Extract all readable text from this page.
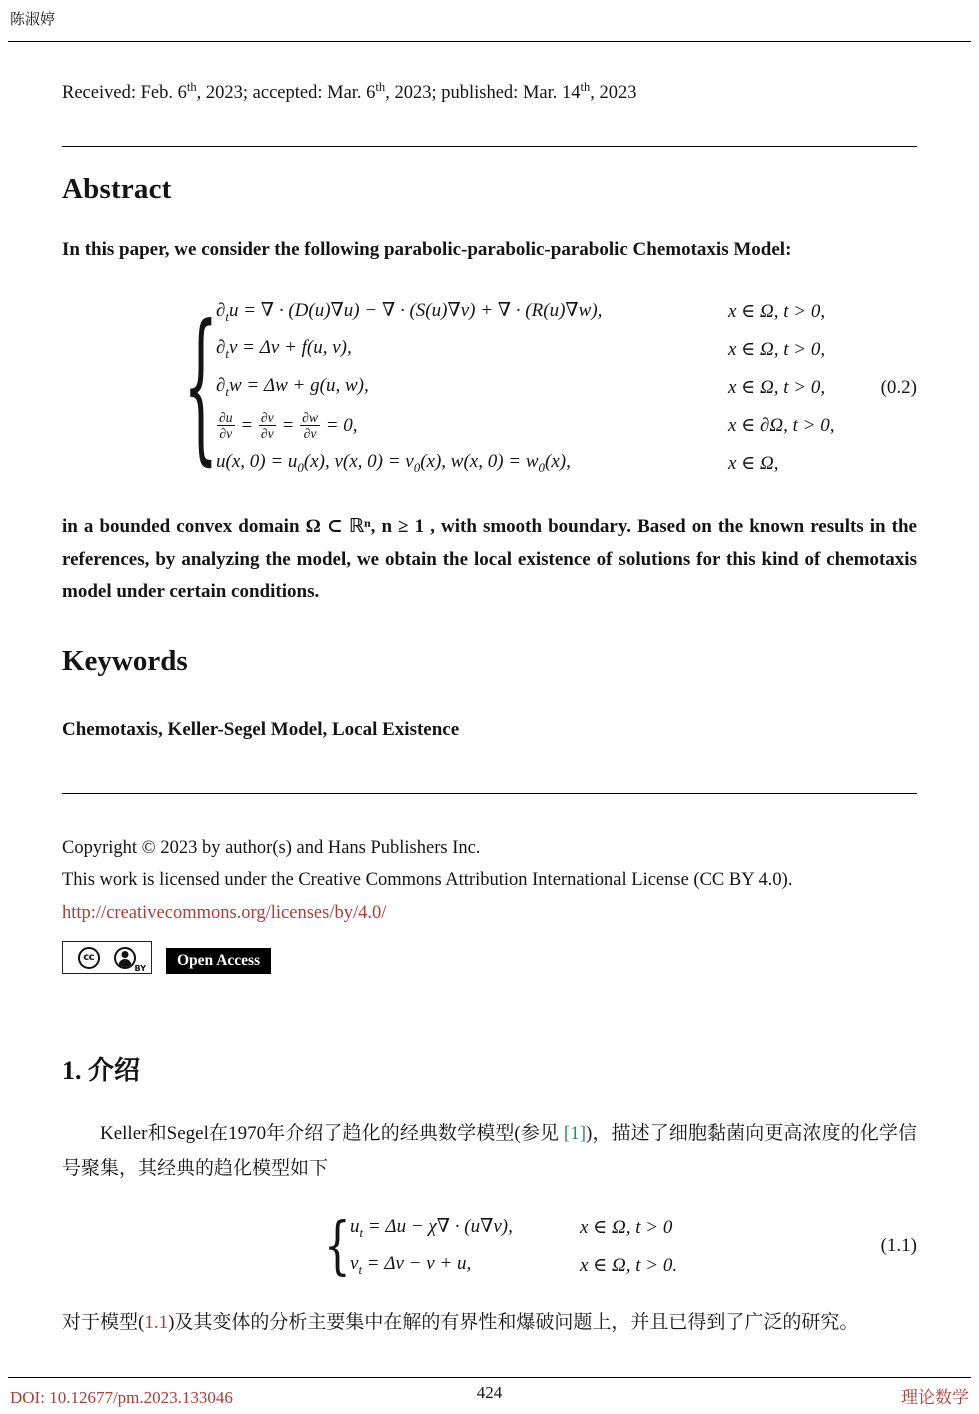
陈淑婷

Received: Feb. 6th, 2023; accepted: Mar. 6th, 2023; published: Mar. 14th, 2023

Abstract

In this paper, we consider the following parabolic-parabolic-parabolic Chemotaxis Model:

{
$\partial_tu$ = ∇ · (D(u)∇u) − ∇ · (S(u)∇v) + ∇ · (R(u)∇w),	x ∈ Ω, t > 0,
$\partial_tv = \Delta v + f(u$, v),	x ∈ Ω, t > 0,
$\partial_tw = \Delta w + g(u$, w),	x ∈ Ω, t > 0,
$\frac{\partial u}{\partial\nu} = \frac{\partial v}{\partial\nu} = \frac{\partial w}{\partial\nu} = 0$,	x ∈ ∂Ω, t > 0,
u(x, $0) = u_0(x)$, v(x, $0) = v_0(x)$, w(x, $0) = w_0(x)$,	x ∈ Ω,
(0.2)

in a bounded convex domain Ω ⊂ ℝⁿ, n ≥ 1 , with smooth boundary. Based on the known results in the references, by analyzing the model, we obtain the local existence of solutions for this kind of chemotaxis model under certain conditions.

Keywords

Chemotaxis, Keller-Segel Model, Local Existence

Copyright © 2023 by author(s) and Hans Publishers Inc.

This work is licensed under the Creative Commons Attribution International License (CC BY 4.0).

http://creativecommons.org/licenses/by/4.0/

cc
BY	Open Access
1. 介绍

Keller和Segel在1970年介绍了趋化的经典数学模型(参见 [1])，描述了细胞黏菌向更高浓度的化学信号聚集，其经典的趋化模型如下

{ $u_t = \Delta u - \chi\nabla \cdot (u\nabla v)$,	x ∈ Ω, t > 0
$v_t = \Delta v - v + u$,	x ∈ Ω, t > 0.
(1.1)

对于模型(1.1)及其变体的分析主要集中在解的有界性和爆破问题上，并且已得到了广泛的研究。

DOI: 10.12677/pm.2023.133046	424	理论数学
